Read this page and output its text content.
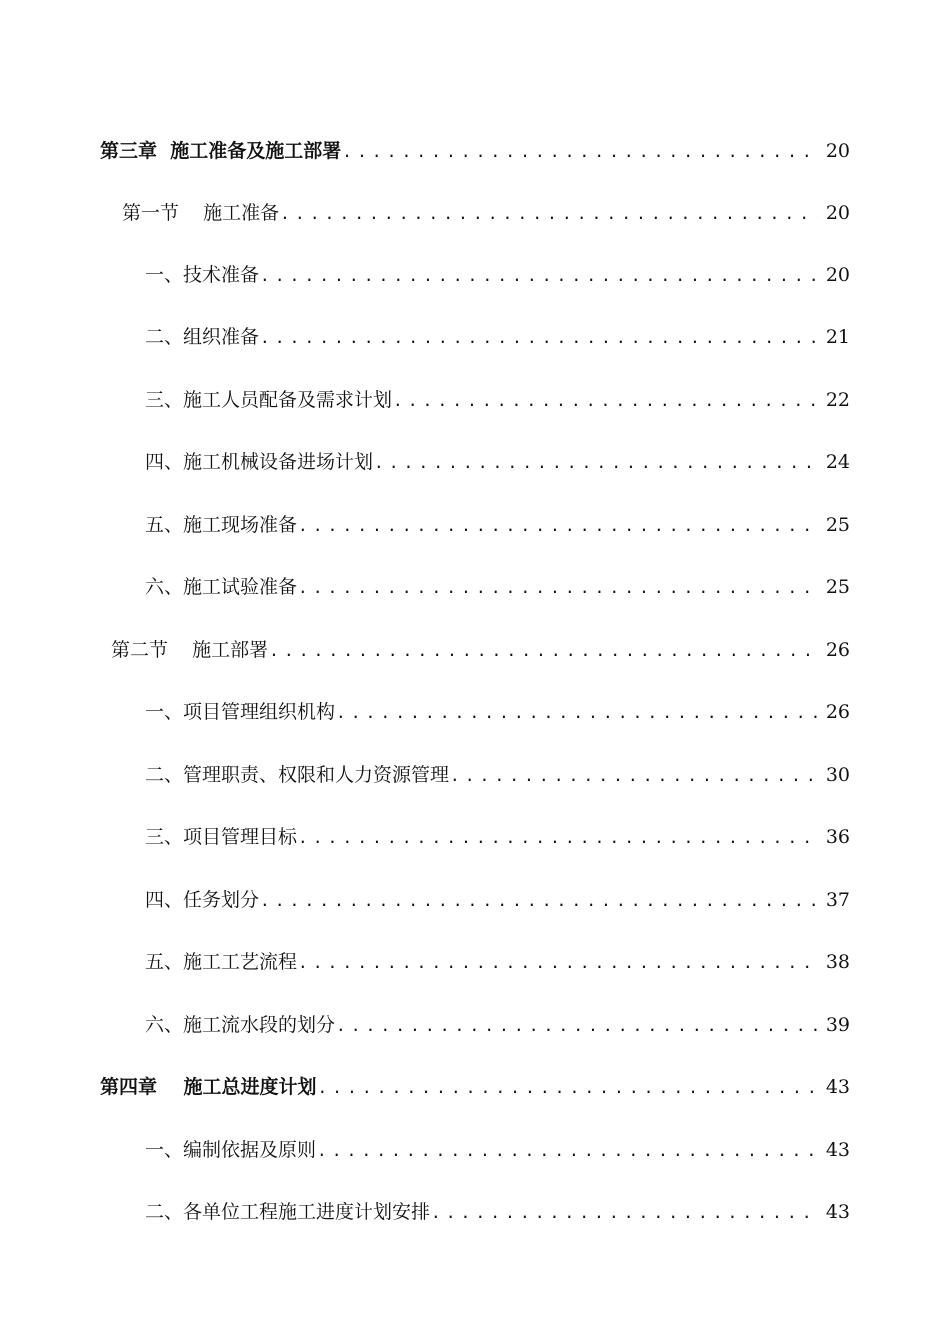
第三章  施工准备及施工部署 .....	20
第一节    施工准备 .....	20
一、技术准备 .....	20
二、组织准备 .....	21
三、施工人员配备及需求计划 .....	22
四、施工机械设备进场计划 .....	24
五、施工现场准备 .....	25
六、施工试验准备 .....	25
第二节    施工部署 .....	26
一、项目管理组织机构 .....	26
二、管理职责、权限和人力资源管理 .....	30
三、项目管理目标 .....	36
四、任务划分 .....	37
五、施工工艺流程 .....	38
六、施工流水段的划分 .....	39
第四章    施工总进度计划 .....	43
一、编制依据及原则 .....	43
二、各单位工程施工进度计划安排 .....	43
